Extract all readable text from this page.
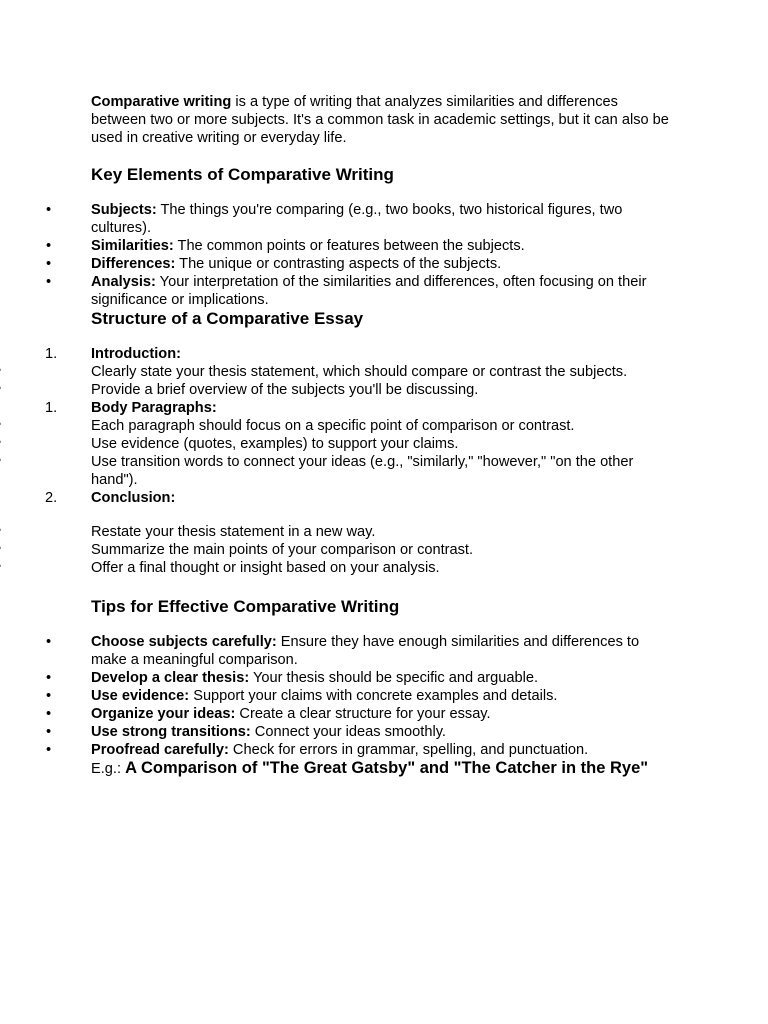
Comparative writing is a type of writing that analyzes similarities and differences between two or more subjects. It's a common task in academic settings, but it can also be used in creative writing or everyday life.

Key Elements of Comparative Writing
•	Subjects: The things you're comparing (e.g., two books, two historical figures, two cultures).
•	Similarities: The common points or features between the subjects.
•	Differences: The unique or contrasting aspects of the subjects.
•	Analysis: Your interpretation of the similarities and differences, often focusing on their significance or implications.
Structure of a Comparative Essay
1. Introduction:
Clearly state your thesis statement, which should compare or contrast the subjects.
Provide a brief overview of the subjects you'll be discussing.
1. Body Paragraphs:
Each paragraph should focus on a specific point of comparison or contrast.
Use evidence (quotes, examples) to support your claims.
Use transition words to connect your ideas (e.g., "similarly," "however," "on the other hand").
2. Conclusion:
Restate your thesis statement in a new way.
Summarize the main points of your comparison or contrast.
Offer a final thought or insight based on your analysis.
Tips for Effective Comparative Writing
•	Choose subjects carefully: Ensure they have enough similarities and differences to make a meaningful comparison.
•	Develop a clear thesis: Your thesis should be specific and arguable.
•	Use evidence: Support your claims with concrete examples and details.
•	Organize your ideas: Create a clear structure for your essay.
•	Use strong transitions: Connect your ideas smoothly.
•	Proofread carefully: Check for errors in grammar, spelling, and punctuation.

E.g.: A Comparison of "The Great Gatsby" and "The Catcher in the Rye"
